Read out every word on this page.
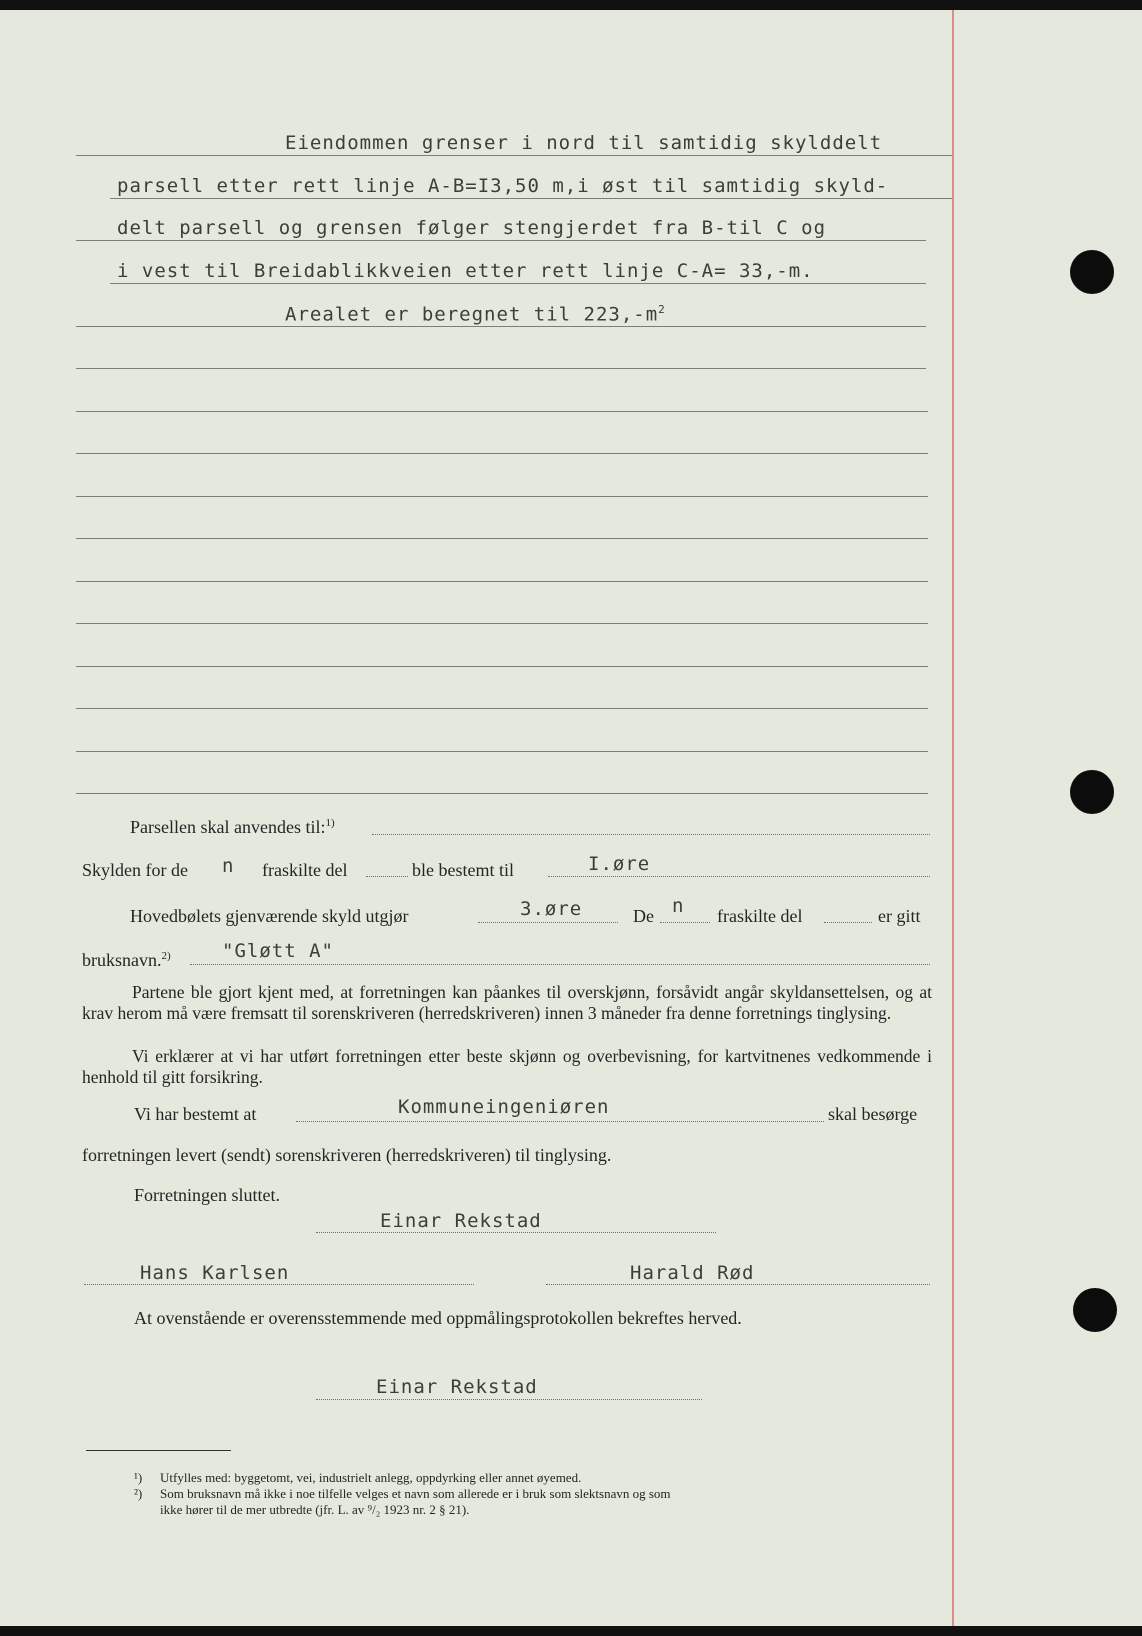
Eiendommen grenser i nord til samtidig skylddelt
parsell etter rett linje A-B=I3,50 m,i øst til samtidig skyld-
delt parsell og grensen følger stengjerdet fra B-til C og
i vest til Breidablikkveien etter rett linje C-A= 33,-m.
Arealet er beregnet til $223,-m^2$
Parsellen skal anvendes til:$^{1)}$
Skylden for de n fraskilte del	ble bestemt til	I.øre
Hovedbølets gjenværende skyld utgjør	3.øre	De n fraskilte del	er gitt
bruksnavn.$^{2)}$	"Gløtt A"
Partene ble gjort kjent med, at forretningen kan påankes til overskjønn, forsåvidt angår skyldansettelsen, og at krav herom må være fremsatt til sorenskriveren (herredskriveren) innen 3 måneder fra denne forretnings tinglysing.
Vi erklærer at vi har utført forretningen etter beste skjønn og overbevisning, for kartvitnenes vedkommende i henhold til gitt forsikring.
Vi har bestemt at	Kommuneingeniøren	skal besørge
forretningen levert (sendt) sorenskriveren (herredskriveren) til tinglysing.
Forretningen sluttet.
Einar Rekstad
Hans Karlsen	Harald Rød
At ovenstående er overensstemmende med oppmålingsprotokollen bekreftes herved.
Einar Rekstad
¹) Utfylles med: byggetomt, vei, industrielt anlegg, oppdyrking eller annet øyemed.
²) Som bruksnavn må ikke i noe tilfelle velges et navn som allerede er i bruk som slektsnavn og som
ikke hører til de mer utbredte (jfr. L. av ⁹/₂ 1923 nr. 2 § 21).
